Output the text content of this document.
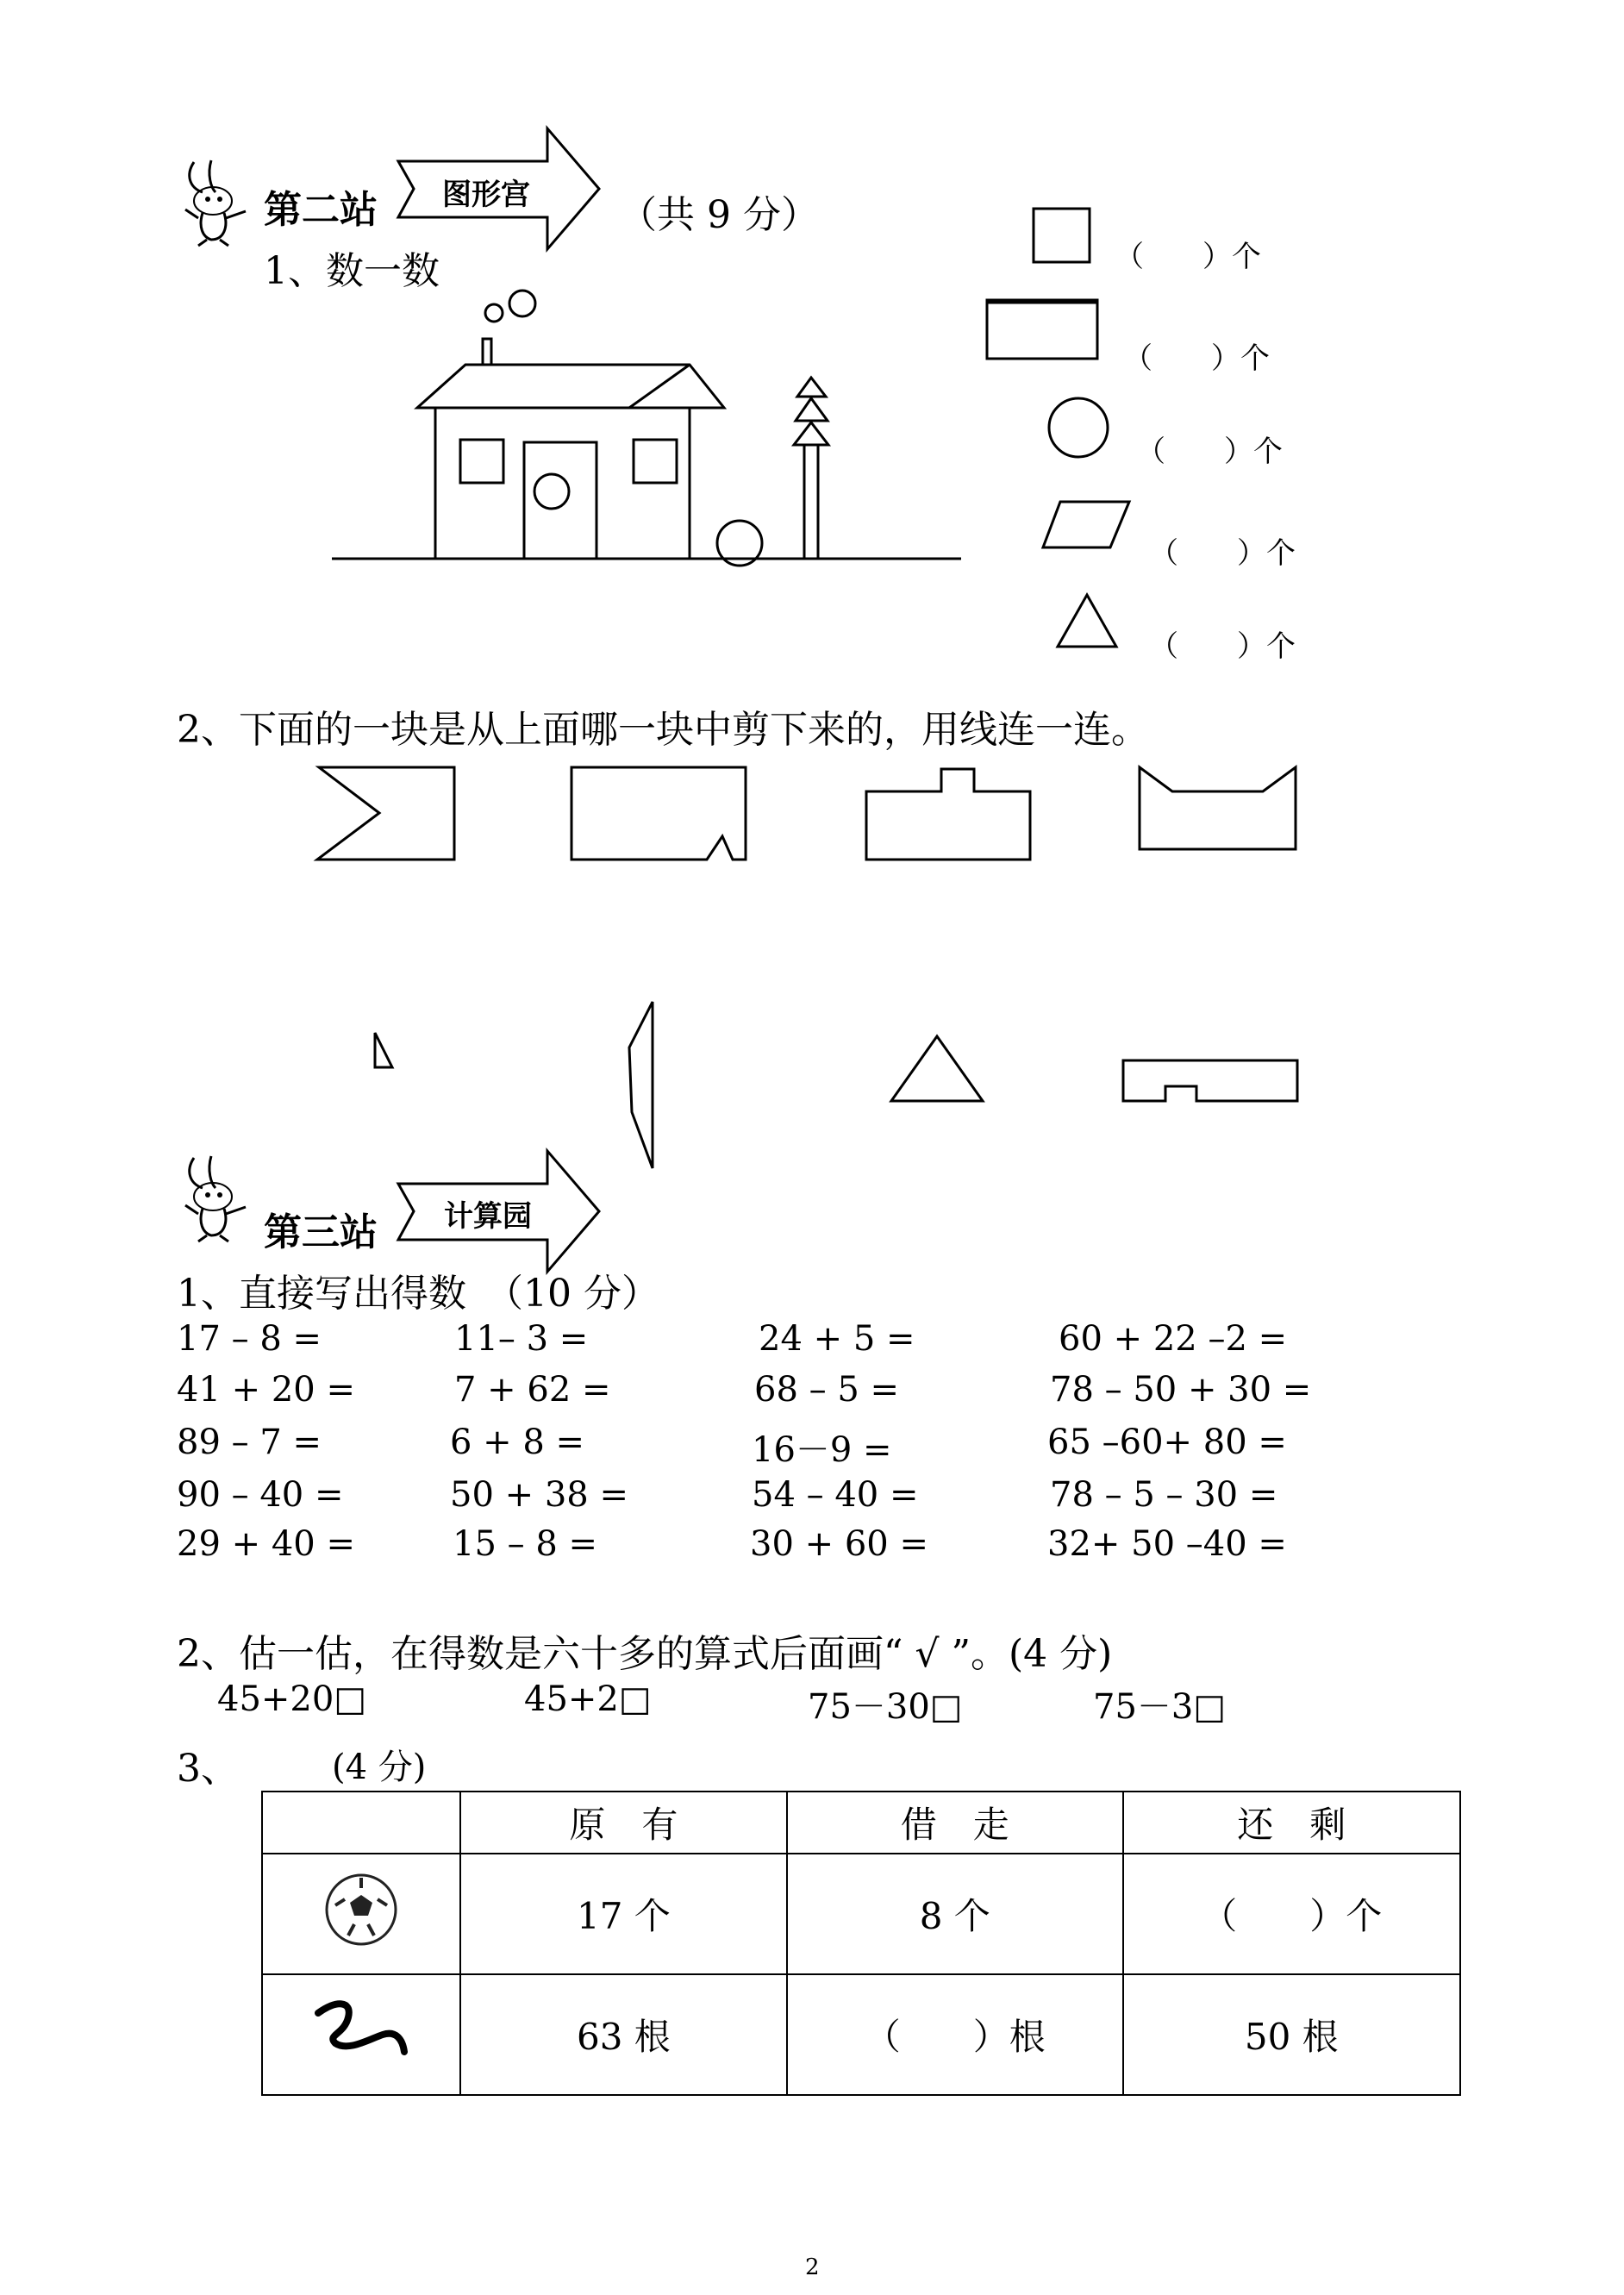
第二站 图形宫 （共 9 分）
1、数一数	（　　）个
（　　）个
（　　）个
（　　）个
（　　）个
2、下面的一块是从上面哪一块中剪下来的，用线连一连。
第三站 计算园
1、直接写出得数　（10 分）
17 – 8 =	11– 3 =	24 + 5 =	60 + 22 –2 =
41 + 20 =	7 + 62 =	68 – 5 =	78 – 50 + 30 =
89 – 7 =	6 + 8 =	16－9 =	65 –60+ 80 =
90 – 40 =	50 + 38 =	54 – 40 =	78 – 5 – 30 =
29 + 40 =	15 – 8 =	30 + 60 =	32+ 50 –40 =
2、估一估，在得数是六十多的算式后面画“ √ ”。(4 分)
45+20□	45+2□	75－30□	75－3□
3、	(4 分)
	原　有	借　走	还　剩
	17 个	8 个	（　　）个
	63 根	（　　）根	50 根
2
